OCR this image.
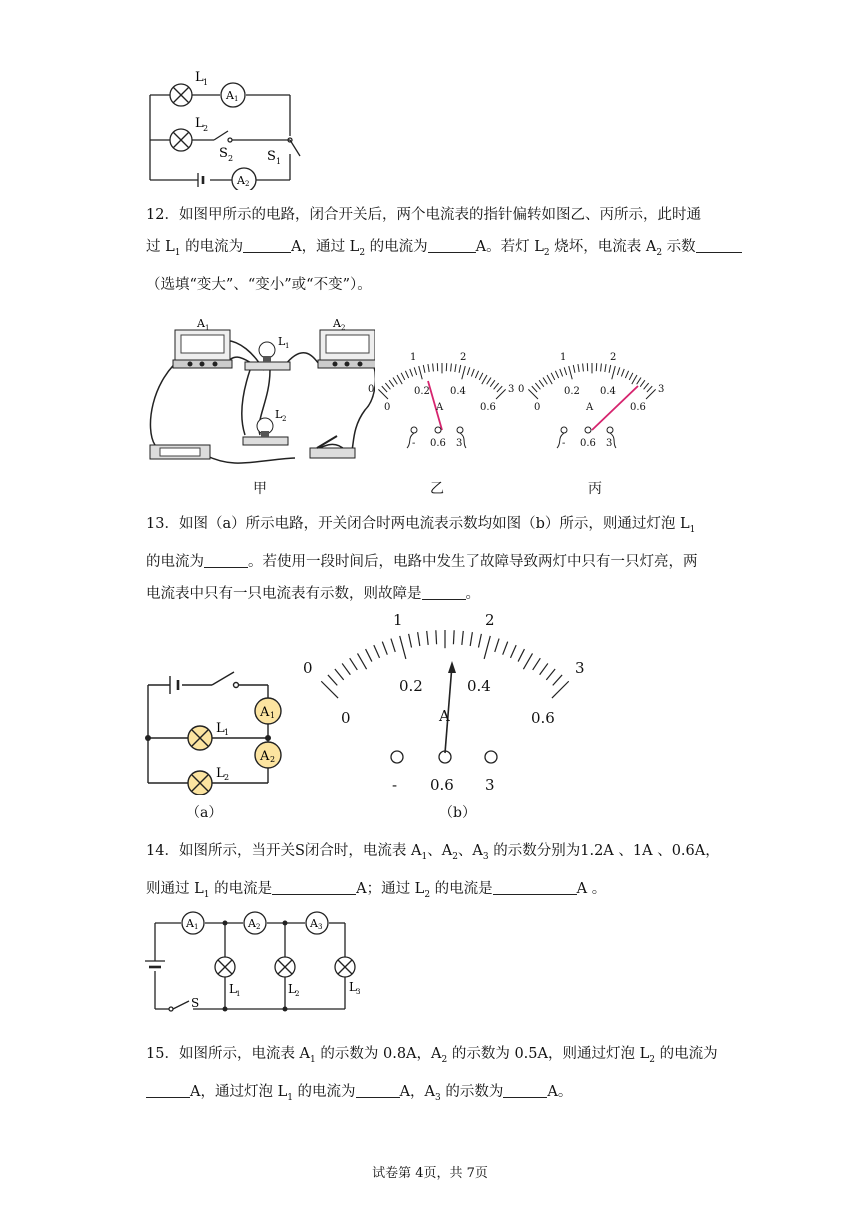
L 1
A 1
L 2
S 2	S 1
A 2
12．如图甲所示的电路，闭合开关后，两个电流表的指针偏转如图乙、丙所示，此时通
过 $L_1$ 的电流为	A，通过 $L_2$ 的电流为	A。若灯 $L_2$ 烧坏，电流表 $A_2$ 示数
（选填“变大”、“变小”或“不变”）。
A 1	A 2
L 1
L 2
甲
0
1	2
3
0
0.2 0.4
0.6
A
- 0.6 3
乙
0
1	2
3
0
0.2 0.4
0.6
A
- 0.6 3
丙
13．如图（a）所示电路，开关闭合时两电流表示数均如图（b）所示，则通过灯泡 $L_1$
的电流为	。若使用一段时间后，电路中发生了故障导致两灯中只有一只灯亮，两
电流表中只有一只电流表有示数，则故障是	。
A 1
A 2
L 1
L 2
（a）
0
1	2
3
0
0.2	0.4
0.6
A
- 0.6 3
（b）
14．如图所示，当开关S闭合时，电流表 $A_1$、$A_2$、$A_3$ 的示数分别为1.2A 、1A 、0.6A，
则通过 $L_1$ 的电流是	A；通过 $L_2$ 的电流是	A 。
A 1	A 2	A 3
S
L 1	L 2	L 3
15．如图所示，电流表 $A_1$ 的示数为 0.8A，$A_2$ 的示数为 0.5A，则通过灯泡 $L_2$ 的电流为
A，通过灯泡 $L_1$ 的电流为	A，$A_3$ 的示数为	A。
试卷第 4页，共 7页
